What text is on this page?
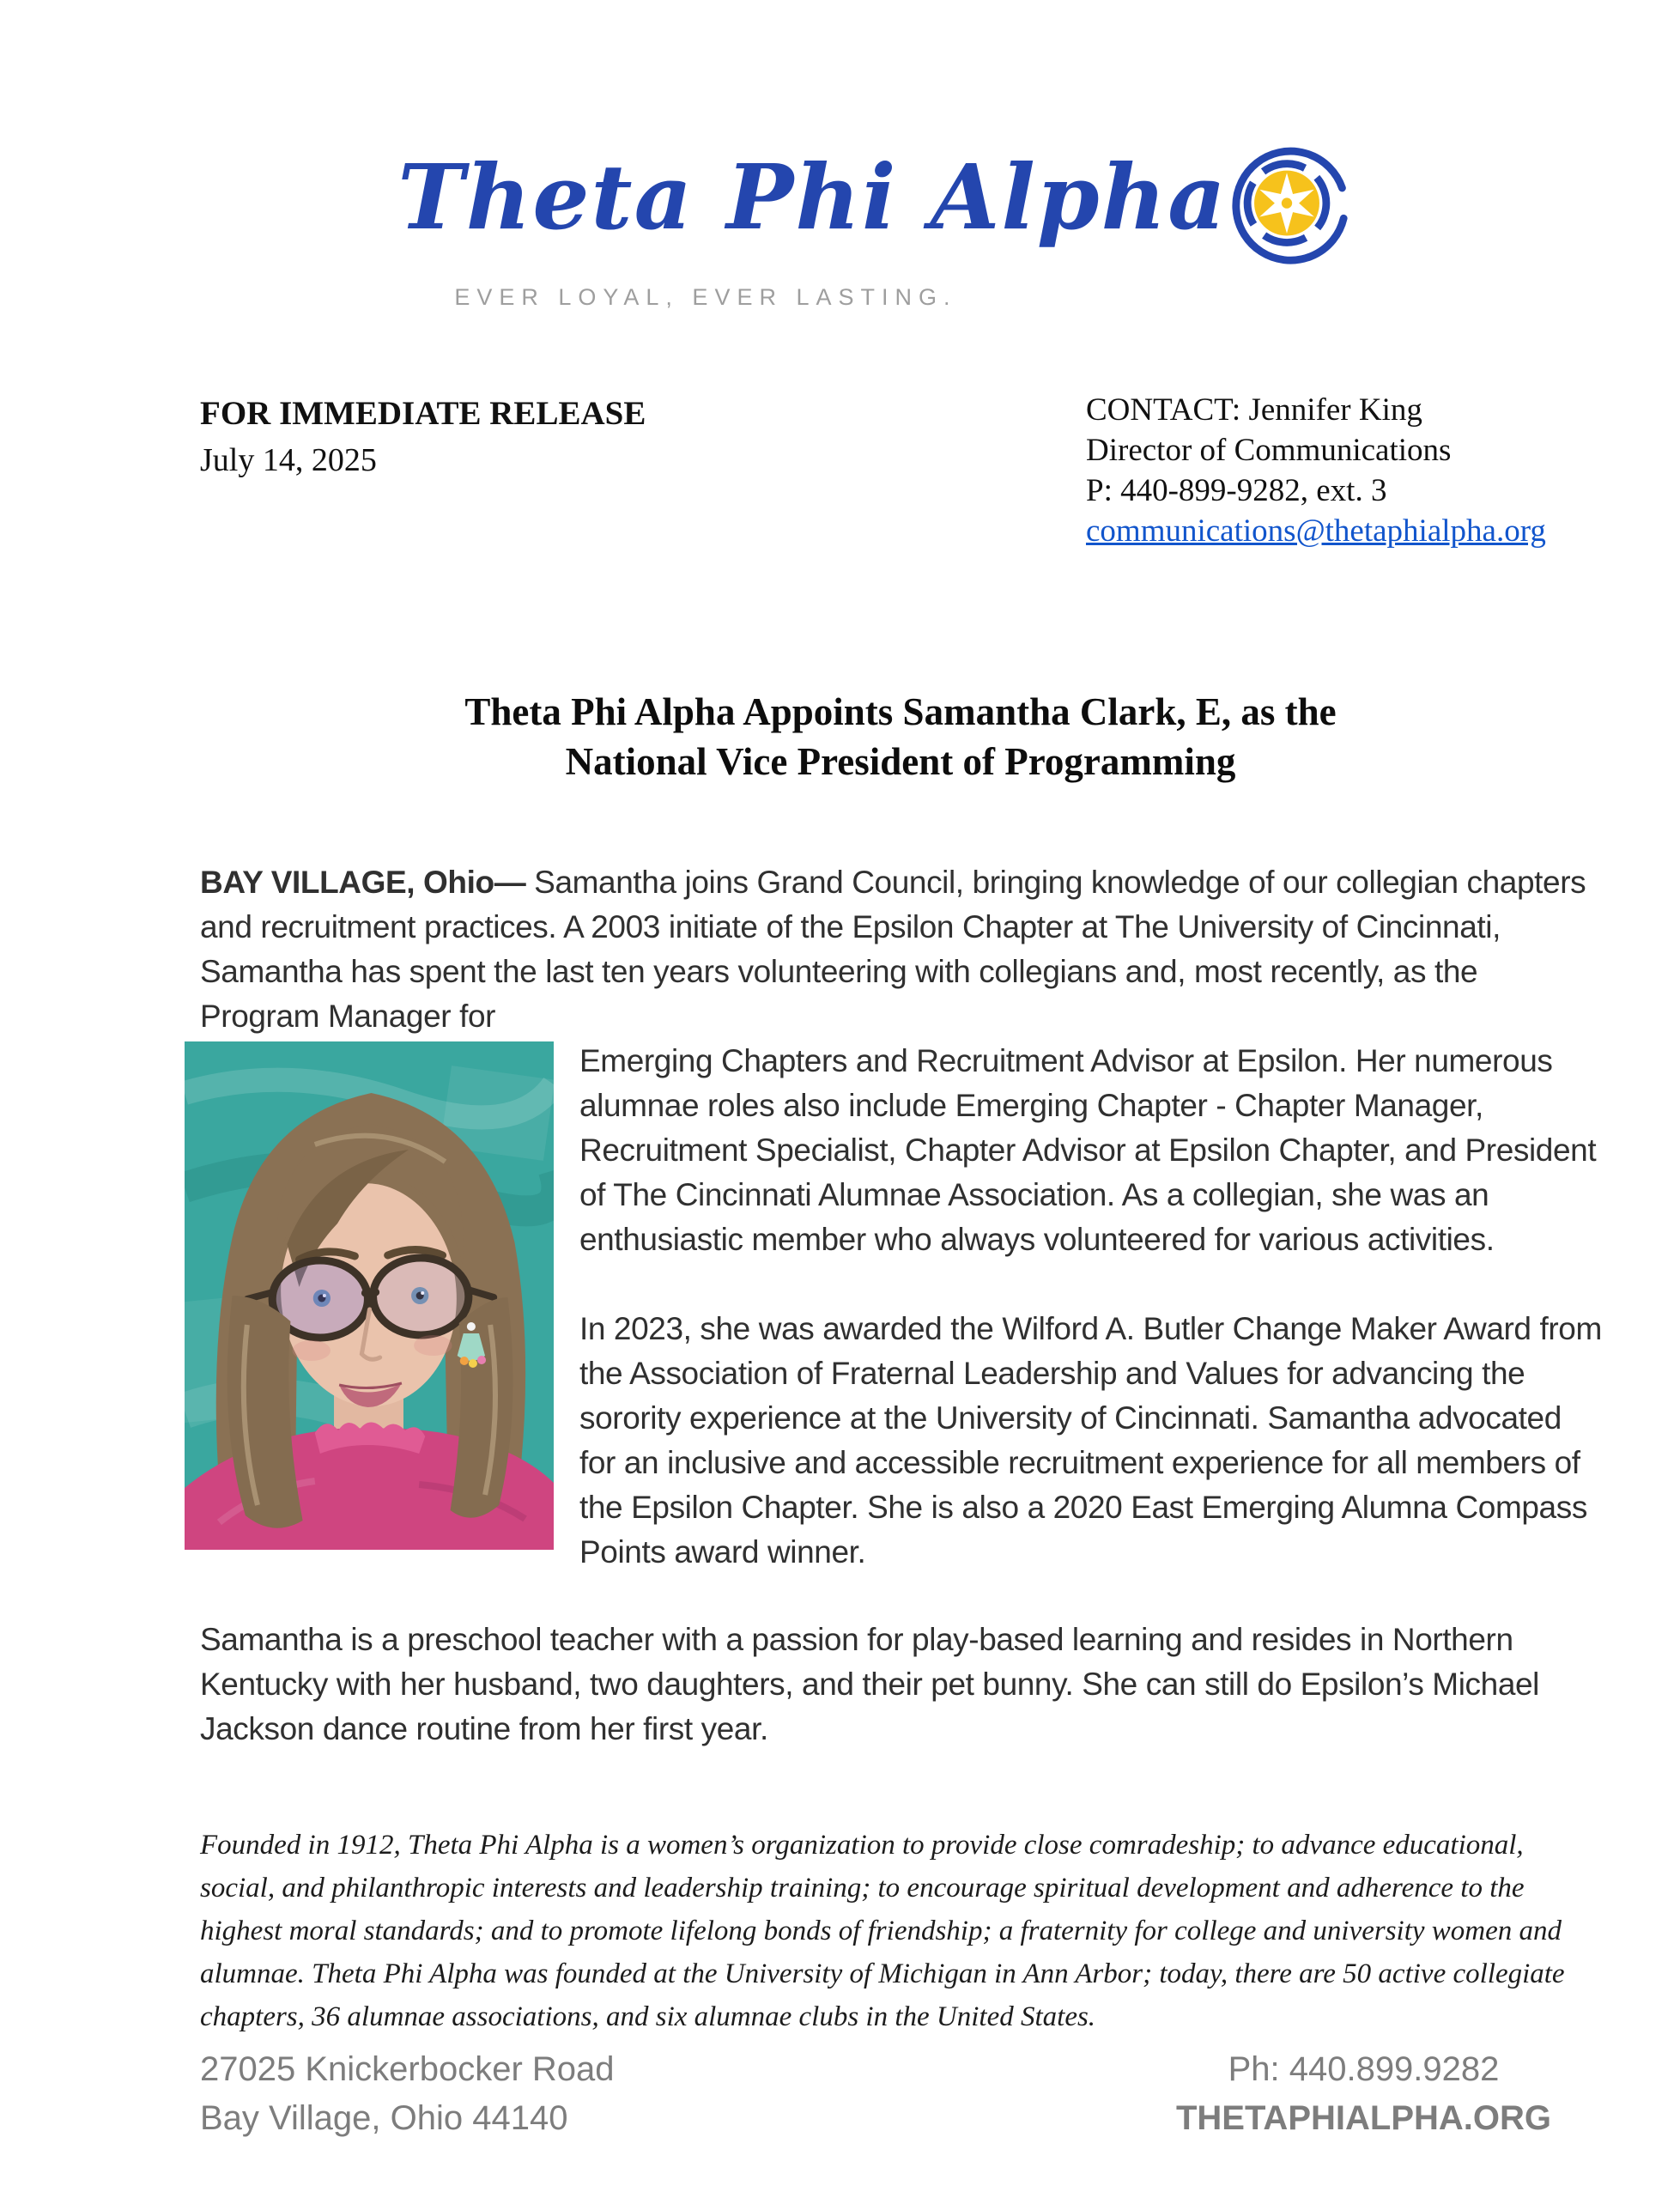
Theta Phi Alpha
EVER LOYAL, EVER LASTING.
FOR IMMEDIATE RELEASE
July 14, 2025
CONTACT: Jennifer King
Director of Communications
P: 440-899-9282, ext. 3
communications@thetaphialpha.org
Theta Phi Alpha Appoints Samantha Clark, E, as the
National Vice President of Programming

BAY VILLAGE, Ohio— Samantha joins Grand Council, bringing knowledge of our collegian chapters and recruitment practices. A 2003 initiate of the Epsilon Chapter at The University of Cincinnati, Samantha has spent the last ten years volunteering with collegians and, most recently, as the Program Manager for

Emerging Chapters and Recruitment Advisor at Epsilon. Her numerous alumnae roles also include Emerging Chapter - Chapter Manager, Recruitment Specialist, Chapter Advisor at Epsilon Chapter, and President of The Cincinnati Alumnae Association. As a collegian, she was an enthusiastic member who always volunteered for various activities.

In 2023, she was awarded the Wilford A. Butler Change Maker Award from the Association of Fraternal Leadership and Values for advancing the sorority experience at the University of Cincinnati. Samantha advocated for an inclusive and accessible recruitment experience for all members of the Epsilon Chapter. She is also a 2020 East Emerging Alumna Compass Points award winner.

Samantha is a preschool teacher with a passion for play-based learning and resides in Northern Kentucky with her husband, two daughters, and their pet bunny. She can still do Epsilon’s Michael Jackson dance routine from her first year.

Founded in 1912, Theta Phi Alpha is a women’s organization to provide close comradeship; to advance educational, social, and philanthropic interests and leadership training; to encourage spiritual development and adherence to the highest moral standards; and to promote lifelong bonds of friendship; a fraternity for college and university women and alumnae. Theta Phi Alpha was founded at the University of Michigan in Ann Arbor; today, there are 50 active collegiate chapters, 36 alumnae associations, and six alumnae clubs in the United States.

27025 Knickerbocker Road
Bay Village, Ohio 44140
Ph: 440.899.9282
THETAPHIALPHA.ORG
